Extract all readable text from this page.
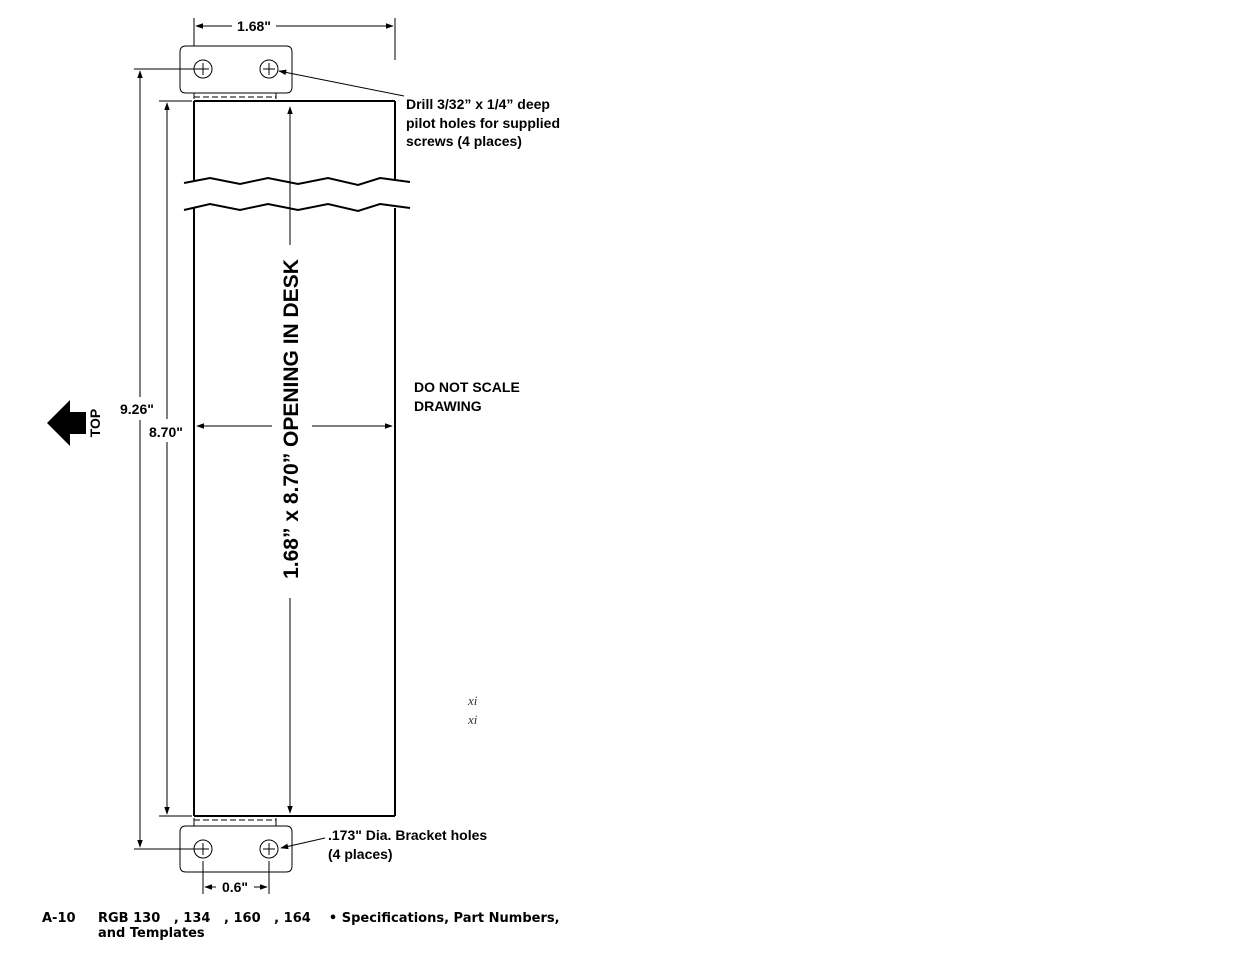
1.68"
1.68” x 8.70” OPENING IN DESK
9.26"
8.70"
TOP
0.6"
Drill 3/32” x 1/4” deep
pilot holes for supplied
screws (4 places)
DO NOT SCALE
DRAWING
.173" Dia. Bracket holes
(4 places)
xi
xi
A-10	RGB 130   , 134   , 160   , 164    • Specifications, Part Numbers,
and Templates
